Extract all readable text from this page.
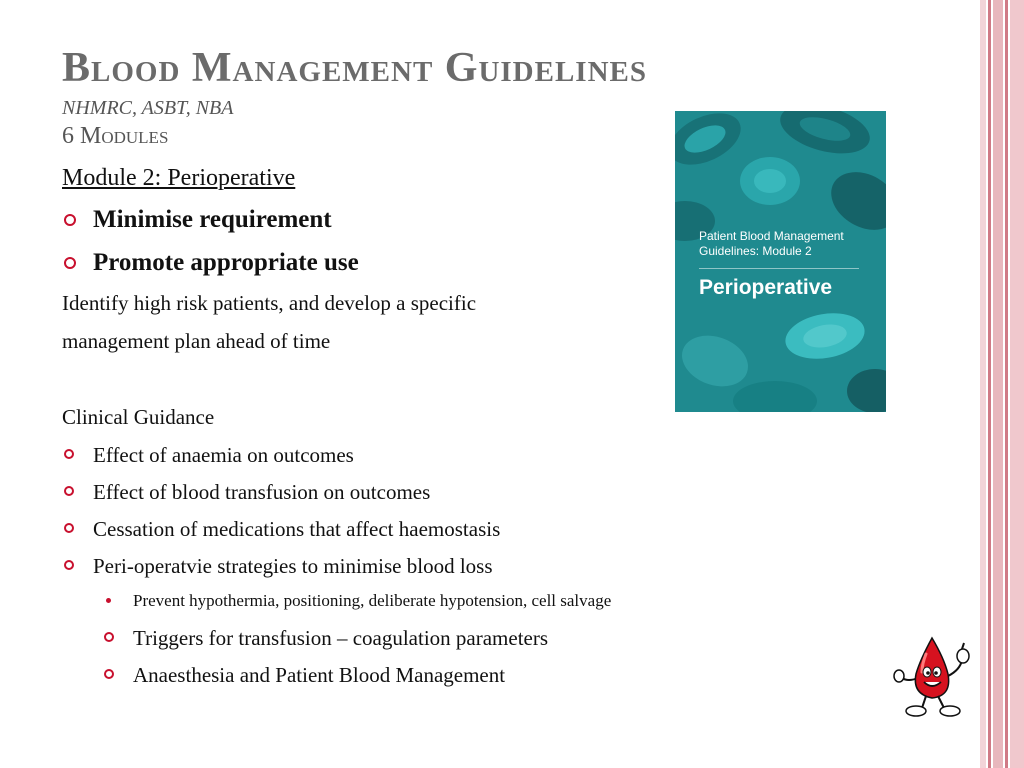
Blood Management Guidelines
NHMRC, ASBT, NBA
6 Modules
Module 2: Perioperative
Minimise requirement
Promote appropriate use
Identify high risk patients, and develop a specific
management plan ahead of time
Clinical Guidance
Effect of anaemia on outcomes
Effect of blood transfusion on outcomes
Cessation of medications that affect haemostasis
Peri-operatvie strategies to minimise blood loss
Prevent hypothermia, positioning, deliberate hypotension, cell salvage
Triggers for transfusion – coagulation parameters
Anaesthesia and Patient Blood Management
Patient Blood Management
Guidelines: Module 2
Perioperative
